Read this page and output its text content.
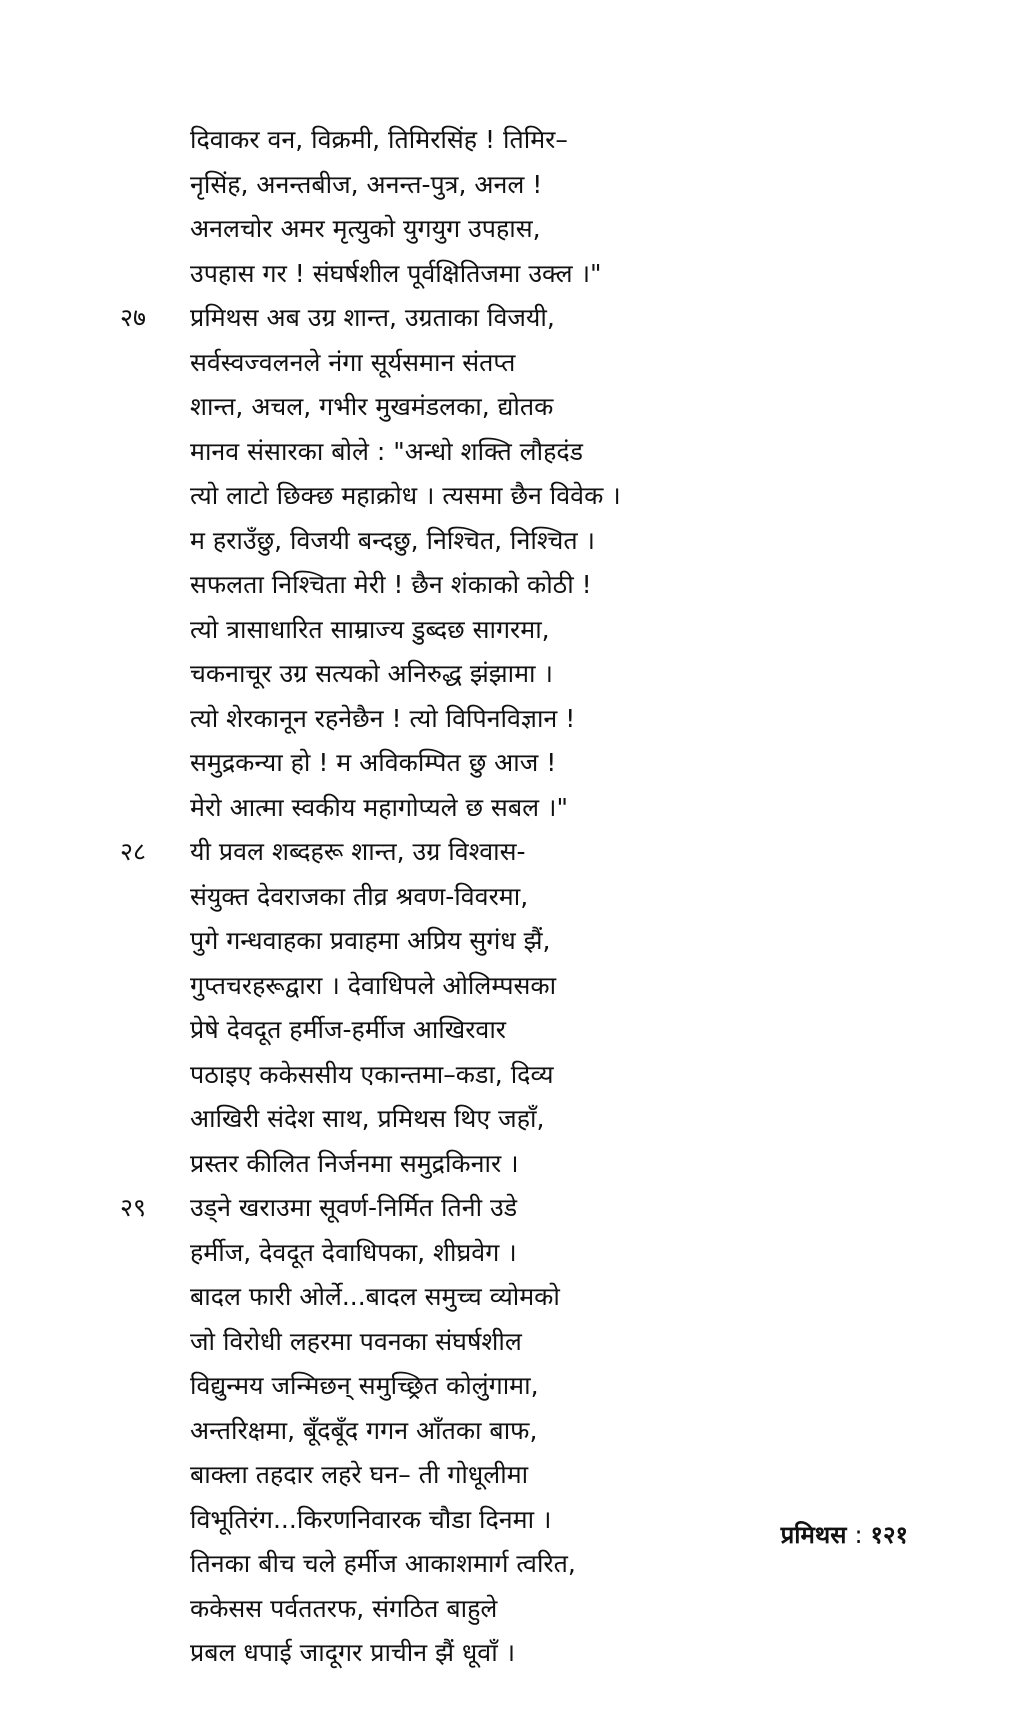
दिवाकर वन, विक्रमी, तिमिरसिंह ! तिमिर–
नृसिंह, अनन्तबीज, अनन्त-पुत्र, अनल !
अनलचोर अमर मृत्युको युगयुग उपहास,
उपहास गर ! संघर्षशील पूर्वक्षितिजमा उक्ल ।"
२७	प्रमिथस अब उग्र शान्त, उग्रताका विजयी,
सर्वस्वज्वलनले नंगा सूर्यसमान संतप्त
शान्त, अचल, गभीर मुखमंडलका, द्योतक
मानव संसारका बोले : "अन्धो शक्ति लौहदंड
त्यो लाटो छिक्छ महाक्रोध । त्यसमा छैन विवेक ।
म हराउँछु, विजयी बन्दछु, निश्चित, निश्चित ।
सफलता निश्चिता मेरी ! छैन शंकाको कोठी !
त्यो त्रासाधारित साम्राज्य डुब्दछ सागरमा,
चकनाचूर उग्र सत्यको अनिरुद्ध झंझामा ।
त्यो शेरकानून रहनेछैन ! त्यो विपिनविज्ञान !
समुद्रकन्या हो ! म अविकम्पित छु आज !
मेरो आत्मा स्वकीय महागोप्यले छ सबल ।"
२८	यी प्रवल शब्दहरू शान्त, उग्र विश्वास-
संयुक्त देवराजका तीव्र श्रवण-विवरमा,
पुगे गन्धवाहका प्रवाहमा अप्रिय सुगंध झैं,
गुप्तचरहरूद्वारा । देवाधिपले ओलिम्पसका
प्रेषे देवदूत हर्मीज-हर्मीज आखिरवार
पठाइए ककेससीय एकान्तमा–कडा, दिव्य
आखिरी संदेश साथ, प्रमिथस थिए जहाँ,
प्रस्तर कीलित निर्जनमा समुद्रकिनार ।
२९	उड्ने खराउमा सूवर्ण-निर्मित तिनी उडे
हर्मीज, देवदूत देवाधिपका, शीघ्रवेग ।
बादल फारी ओर्ले...बादल समुच्च व्योमको
जो विरोधी लहरमा पवनका संघर्षशील
विद्युन्मय जन्मिछन् समुच्छ्रित कोलुंगामा,
अन्तरिक्षमा, बूँदबूँद गगन आँतका बाफ,
बाक्ला तहदार लहरे घन– ती गोधूलीमा
विभूतिरंग...किरणनिवारक चौडा दिनमा ।
तिनका बीच चले हर्मीज आकाशमार्ग त्वरित,
ककेसस पर्वततरफ, संगठित बाहुले
प्रबल धपाई जादूगर प्राचीन झैं धूवाँ ।
प्रमिथस : १२१
